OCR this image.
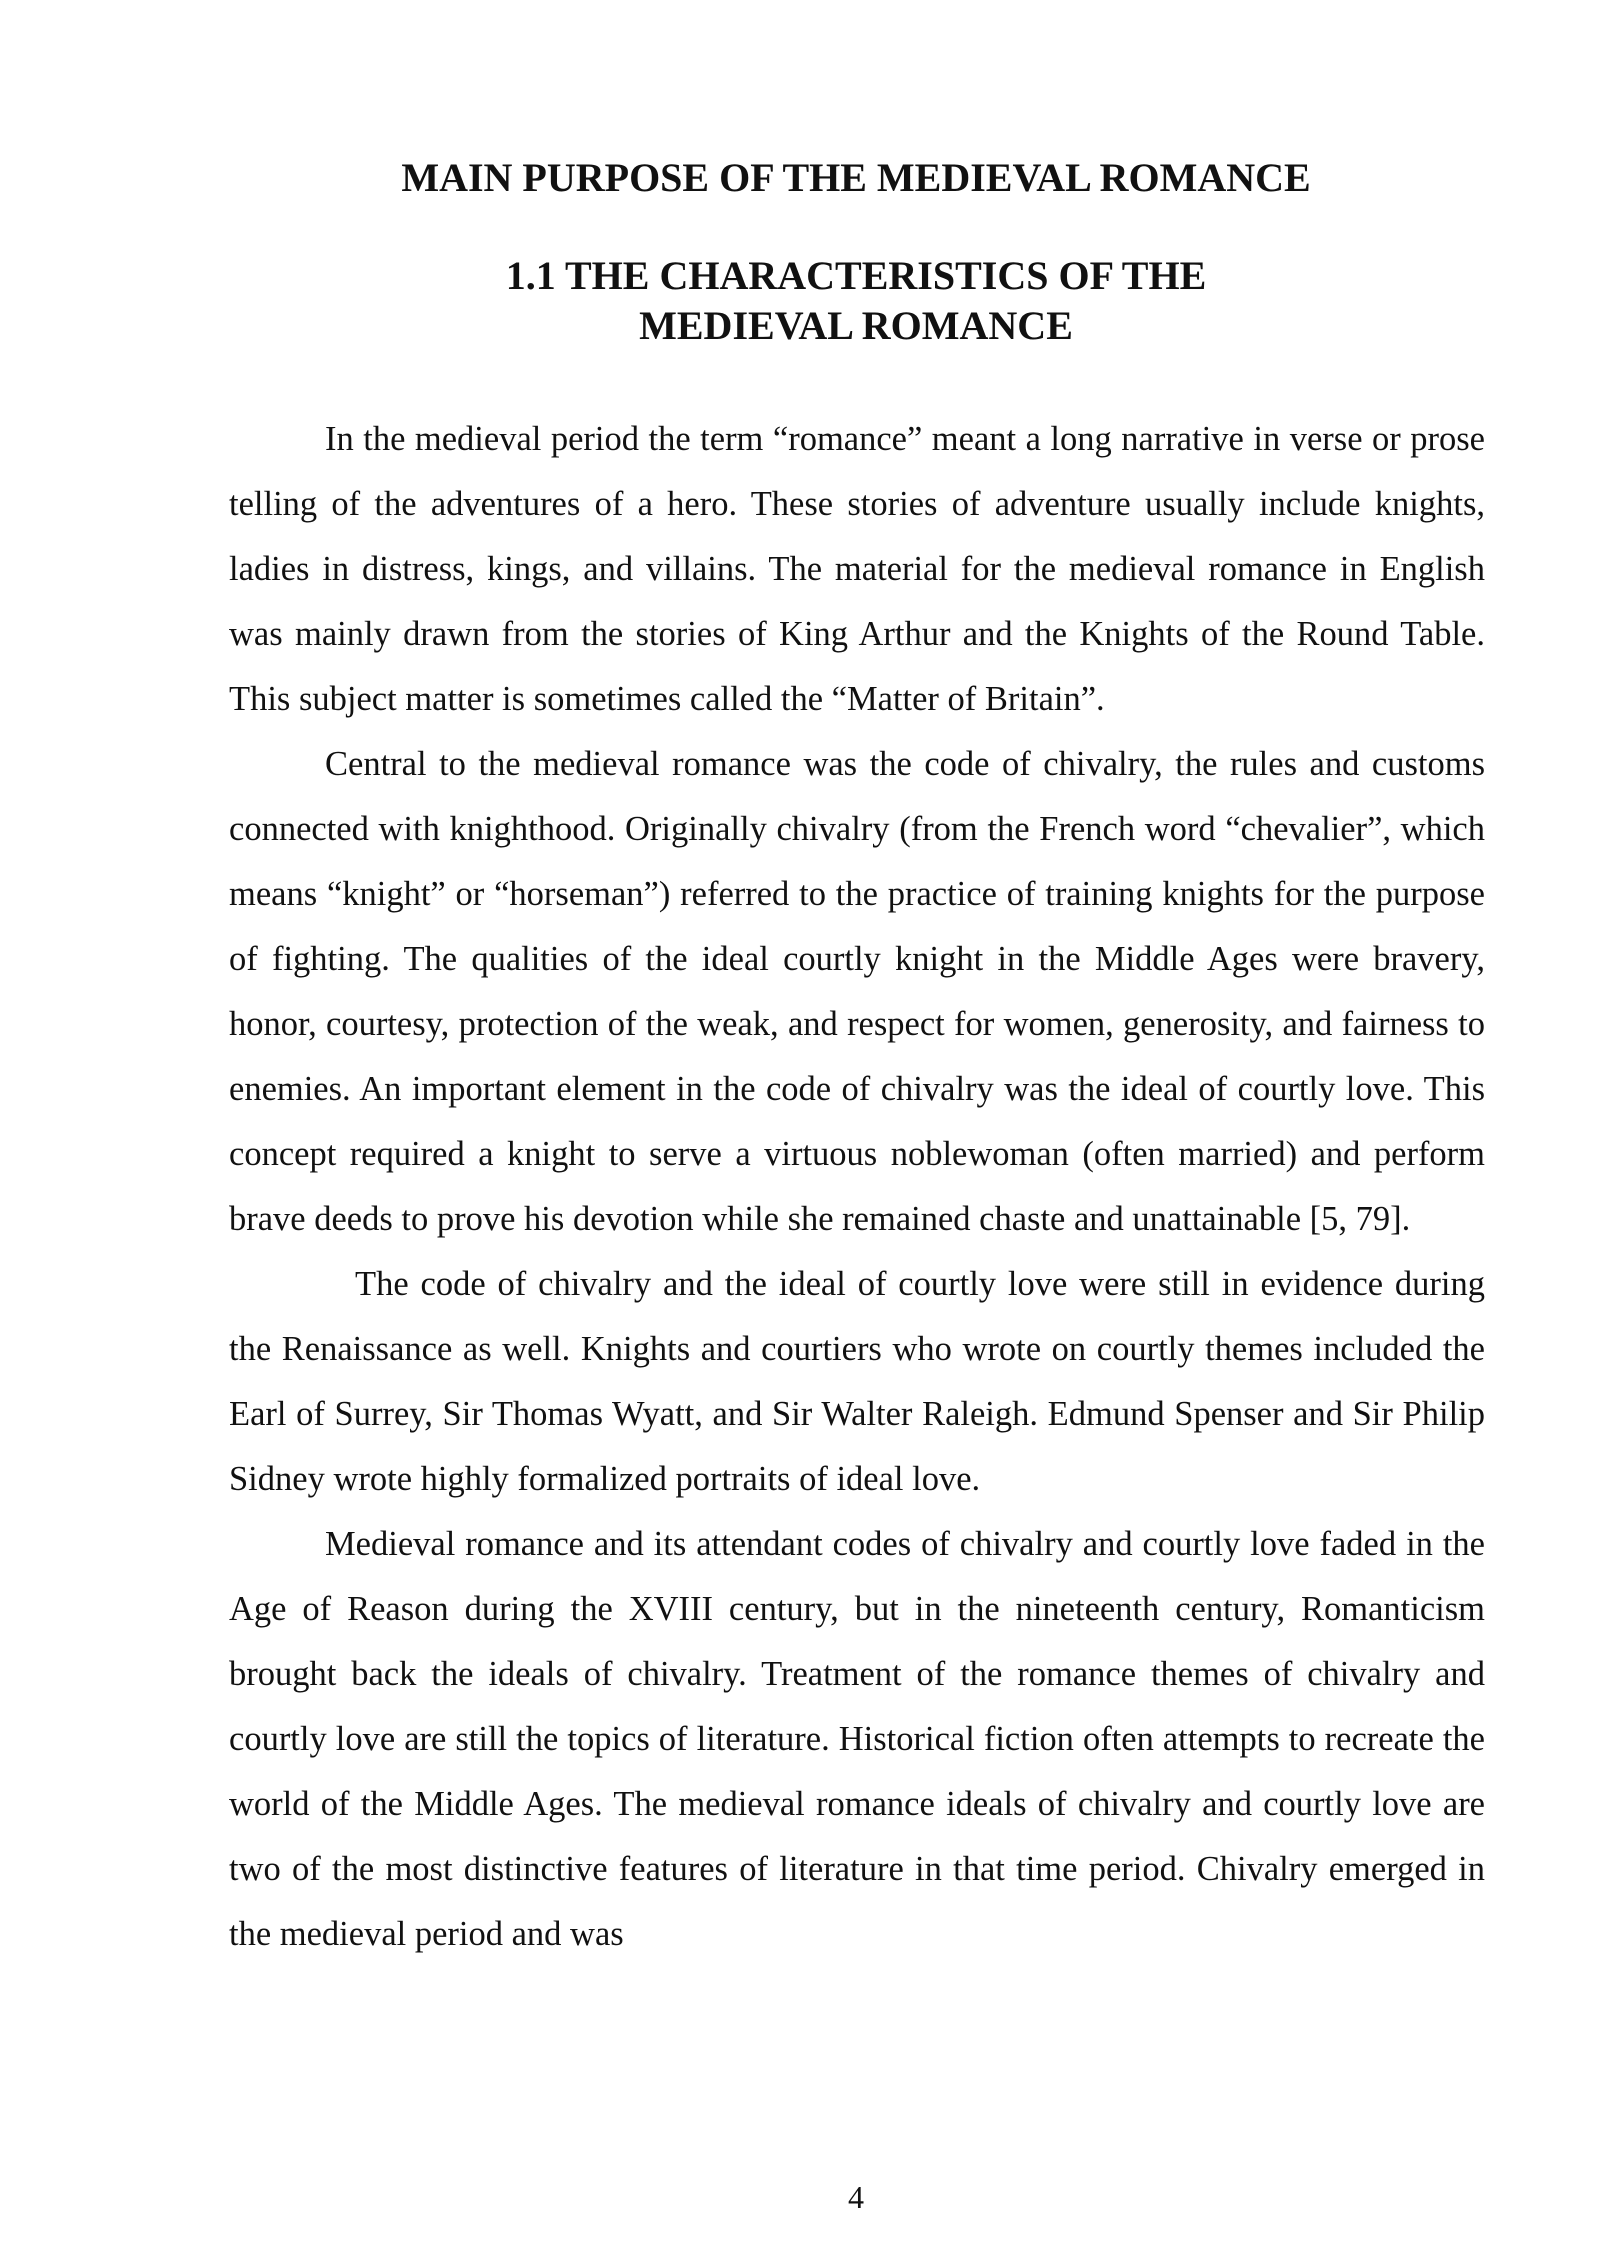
MAIN PURPOSE OF THE MEDIEVAL ROMANCE
1.1 THE CHARACTERISTICS OF THE
MEDIEVAL ROMANCE

In the medieval period the term “romance” meant a long narrative in verse or prose telling of the adventures of a hero. These stories of adventure usually include knights, ladies in distress, kings, and villains. The material for the medieval romance in English was mainly drawn from the stories of King Arthur and the Knights of the Round Table. This subject matter is sometimes called the “Matter of Britain”.

Central to the medieval romance was the code of chivalry, the rules and customs connected with knighthood. Originally chivalry (from the French word “chevalier”, which means “knight” or “horseman”) referred to the practice of training knights for the purpose of fighting. The qualities of the ideal courtly knight in the Middle Ages were bravery, honor, courtesy, protection of the weak, and respect for women, generosity, and fairness to enemies. An important element in the code of chivalry was the ideal of courtly love. This concept required a knight to serve a virtuous noblewoman (often married) and perform brave deeds to prove his devotion while she remained chaste and unattainable [5, 79].

The code of chivalry and the ideal of courtly love were still in evidence during the Renaissance as well. Knights and courtiers who wrote on courtly themes included the Earl of Surrey, Sir Thomas Wyatt, and Sir Walter Raleigh. Edmund Spenser and Sir Philip Sidney wrote highly formalized portraits of ideal love.

Medieval romance and its attendant codes of chivalry and courtly love faded in the Age of Reason during the XVIII century, but in the nineteenth century, Romanticism brought back the ideals of chivalry. Treatment of the romance themes of chivalry and courtly love are still the topics of literature. Historical fiction often attempts to recreate the world of the Middle Ages. The medieval romance ideals of chivalry and courtly love are two of the most distinctive features of literature in that time period. Chivalry emerged in the medieval period and was

4
